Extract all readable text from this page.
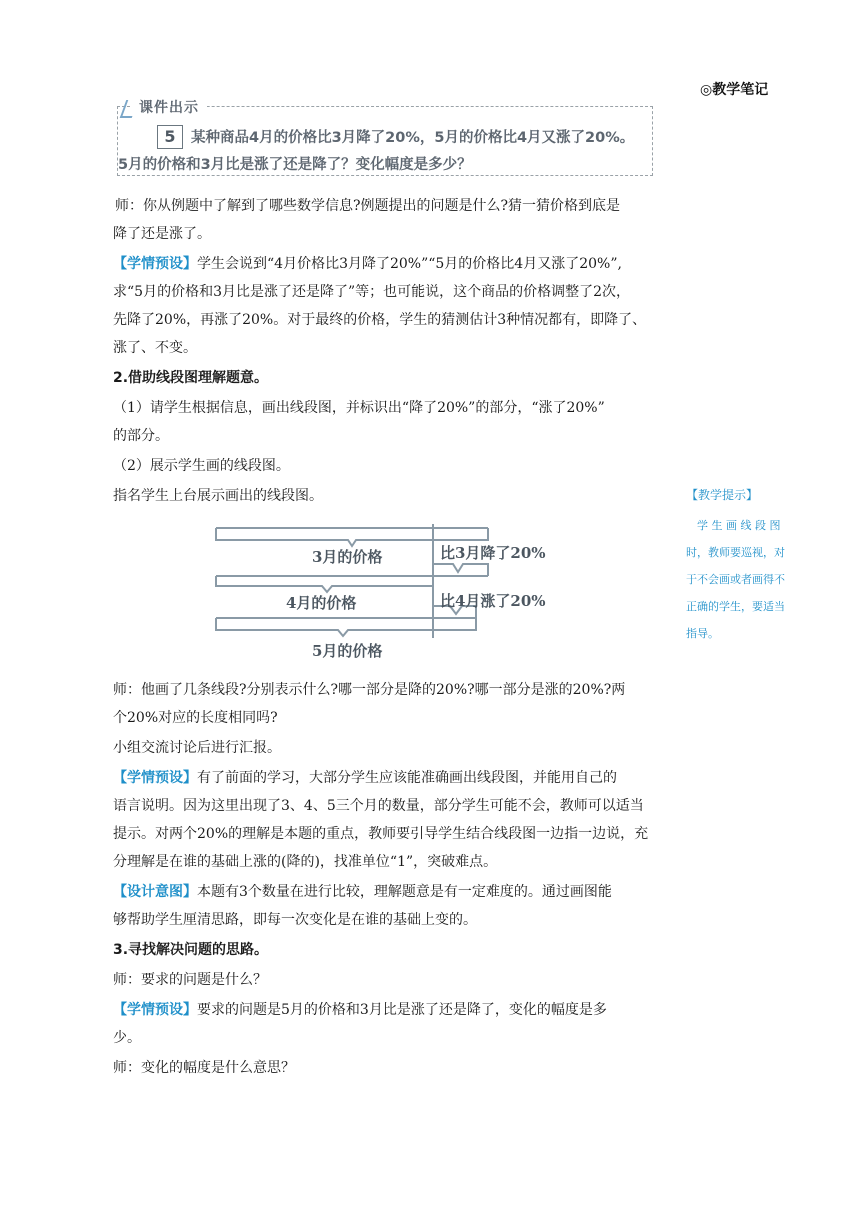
◎教学笔记
课件出示
5	某种商品4月的价格比3月降了20%，5月的价格比4月又涨了20%。
5月的价格和3月比是涨了还是降了？变化幅度是多少？
师：你从例题中了解到了哪些数学信息?例题提出的问题是什么?猜一猜价格到底是
降了还是涨了。
【学情预设】学生会说到“4月价格比3月降了20%”“5月的价格比4月又涨了20%”,
求“5月的价格和3月比是涨了还是降了”等；也可能说，这个商品的价格调整了2次，
先降了20%，再涨了20%。对于最终的价格，学生的猜测估计3种情况都有，即降了、
涨了、不变。
2.借助线段图理解题意。
（1）请学生根据信息，画出线段图，并标识出“降了20%”的部分，“涨了20%”
的部分。
（2）展示学生画的线段图。
指名学生上台展示画出的线段图。
3月的价格	比3月降了20%
4月的价格	比4月涨了20%
5月的价格
师：他画了几条线段?分别表示什么?哪一部分是降的20%?哪一部分是涨的20%?两
个20%对应的长度相同吗?
小组交流讨论后进行汇报。
【学情预设】有了前面的学习，大部分学生应该能准确画出线段图，并能用自己的
语言说明。因为这里出现了3、4、5三个月的数量，部分学生可能不会，教师可以适当
提示。对两个20%的理解是本题的重点，教师要引导学生结合线段图一边指一边说，充
分理解是在谁的基础上涨的(降的)，找准单位“1”，突破难点。
【设计意图】本题有3个数量在进行比较，理解题意是有一定难度的。通过画图能
够帮助学生厘清思路，即每一次变化是在谁的基础上变的。
3.寻找解决问题的思路。
师：要求的问题是什么？
【学情预设】要求的问题是5月的价格和3月比是涨了还是降了，变化的幅度是多
少。
师：变化的幅度是什么意思？
【教学提示】
　学 生 画 线 段 图
时，教师要巡视，对
于不会画或者画得不
正确的学生，要适当
指导。
